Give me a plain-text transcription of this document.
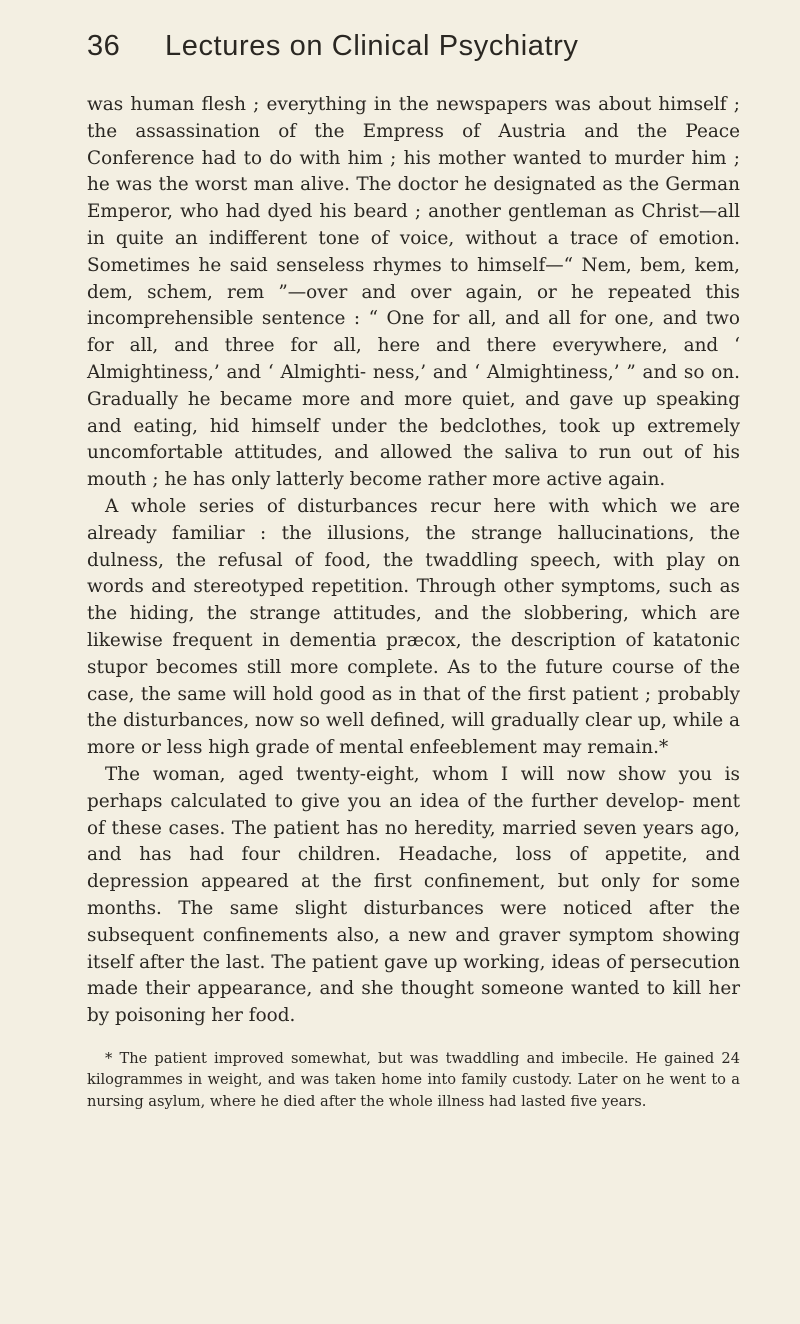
36	Lectures on Clinical Psychiatry

was human flesh ; everything in the newspapers was about himself ; the assassination of the Empress of Austria and the Peace Conference had to do with him ; his mother wanted to murder him ; he was the worst man alive. The doctor he designated as the German Emperor, who had dyed his beard ; another gentleman as Christ—all in quite an indifferent tone of voice, without a trace of emotion. Sometimes he said senseless rhymes to himself—“ Nem, bem, kem, dem, schem, rem ”—over and over again, or he repeated this incomprehensible sentence : “ One for all, and all for one, and two for all, and three for all, here and there everywhere, and ‘ Almightiness,’ and ‘ Almighti- ness,’ and ‘ Almightiness,’ ” and so on. Gradually he became more and more quiet, and gave up speaking and eating, hid himself under the bedclothes, took up extremely uncomfortable attitudes, and allowed the saliva to run out of his mouth ; he has only latterly become rather more active again.

A whole series of disturbances recur here with which we are already familiar : the illusions, the strange hallucinations, the dulness, the refusal of food, the twaddling speech, with play on words and stereotyped repetition. Through other symptoms, such as the hiding, the strange attitudes, and the slobbering, which are likewise frequent in dementia præcox, the description of katatonic stupor becomes still more complete. As to the future course of the case, the same will hold good as in that of the first patient ; probably the disturbances, now so well defined, will gradually clear up, while a more or less high grade of mental enfeeblement may remain.*

The woman, aged twenty-eight, whom I will now show you is perhaps calculated to give you an idea of the further develop- ment of these cases. The patient has no heredity, married seven years ago, and has had four children. Headache, loss of appetite, and depression appeared at the first confinement, but only for some months. The same slight disturbances were noticed after the subsequent confinements also, a new and graver symptom showing itself after the last. The patient gave up working, ideas of persecution made their appearance, and she thought someone wanted to kill her by poisoning her food.

* The patient improved somewhat, but was twaddling and imbecile. He gained 24 kilogrammes in weight, and was taken home into family custody. Later on he went to a nursing asylum, where he died after the whole illness had lasted five years.
